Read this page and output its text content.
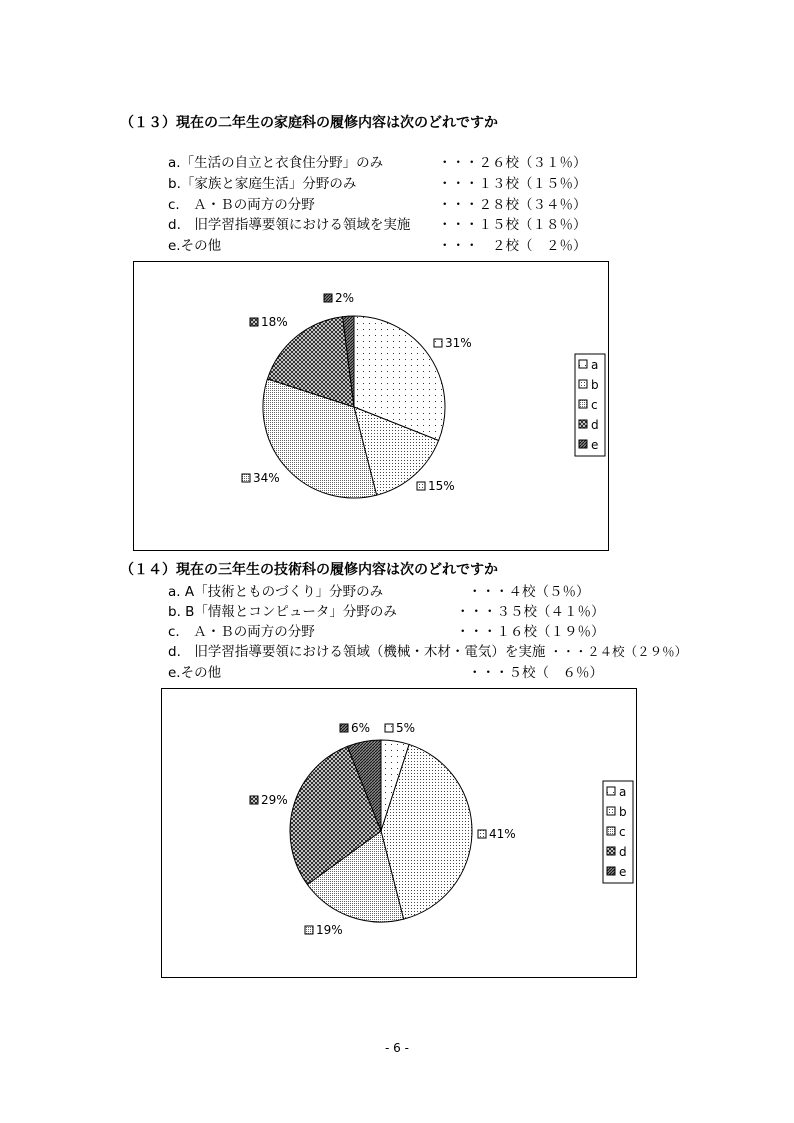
（１３）現在の二年生の家庭科の履修内容は次のどれですか
a.「生活の自立と衣食住分野」のみ	・・・２６校（３１％）
b.「家族と家庭生活」分野のみ	・・・１３校（１５％）
c.　Ａ・Ｂの両方の分野	・・・２８校（３４％）
d.　旧学習指導要領における領域を実施 ・・・１５校（１８％）
e.その他	・・・　２校（　２％）
31%
15%
34%
18%
2%
a
b
c
d
e
（１４）現在の三年生の技術科の履修内容は次のどれですか
a. A「技術とものづくり」分野のみ	・・・４校（５％）
b. B「情報とコンピュータ」分野のみ	・・・３５校（４１％）
c.　Ａ・Ｂの両方の分野	・・・１６校（１９％）
d.　旧学習指導要領における領域（機械・木材・電気）を実施 ・・・２４校（２９％）
e.その他	・・・５校（　６％）
5%
41%
19%
29%
6%
a
b
c
d
e
- 6 -
